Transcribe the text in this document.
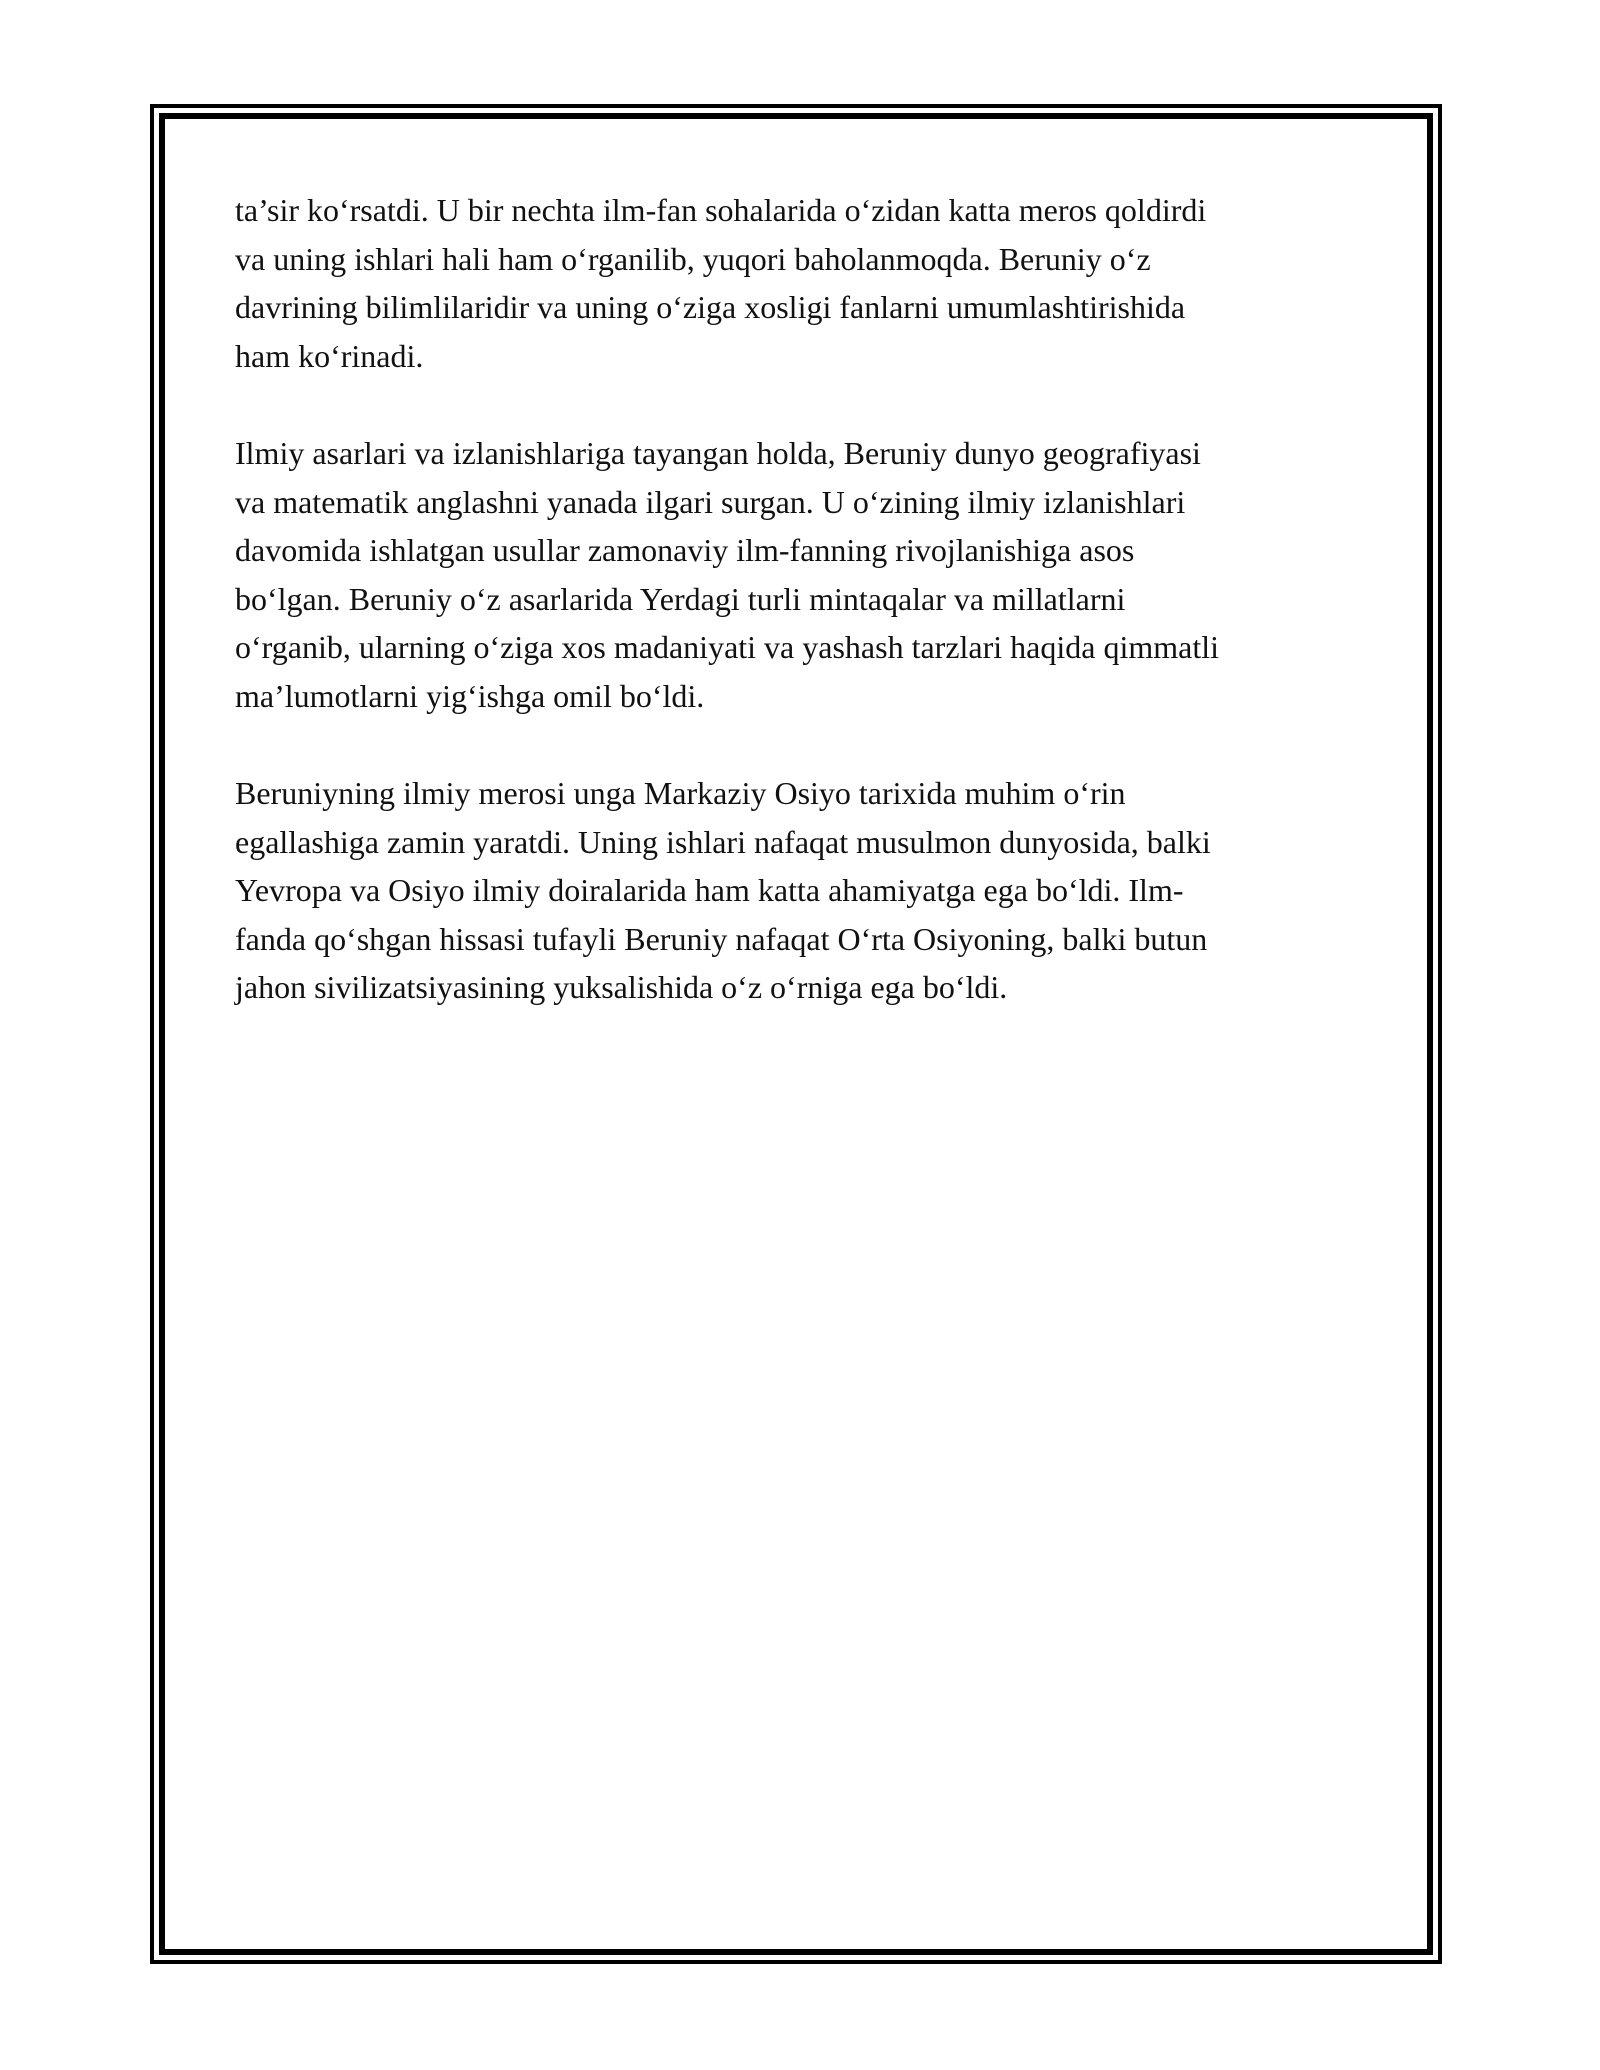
ta’sir ko‘rsatdi. U bir nechta ilm-fan sohalarida o‘zidan katta meros qoldirdi
va uning ishlari hali ham o‘rganilib, yuqori baholanmoqda. Beruniy o‘z
davrining bilimlilaridir va uning o‘ziga xosligi fanlarni umumlashtirishida
ham ko‘rinadi.

Ilmiy asarlari va izlanishlariga tayangan holda, Beruniy dunyo geografiyasi
va matematik anglashni yanada ilgari surgan. U o‘zining ilmiy izlanishlari
davomida ishlatgan usullar zamonaviy ilm-fanning rivojlanishiga asos
bo‘lgan. Beruniy o‘z asarlarida Yerdagi turli mintaqalar va millatlarni
o‘rganib, ularning o‘ziga xos madaniyati va yashash tarzlari haqida qimmatli
ma’lumotlarni yig‘ishga omil bo‘ldi.

Beruniyning ilmiy merosi unga Markaziy Osiyo tarixida muhim o‘rin
egallashiga zamin yaratdi. Uning ishlari nafaqat musulmon dunyosida, balki
Yevropa va Osiyo ilmiy doiralarida ham katta ahamiyatga ega bo‘ldi. Ilm-
fanda qo‘shgan hissasi tufayli Beruniy nafaqat O‘rta Osiyoning, balki butun
jahon sivilizatsiyasining yuksalishida o‘z o‘rniga ega bo‘ldi.
